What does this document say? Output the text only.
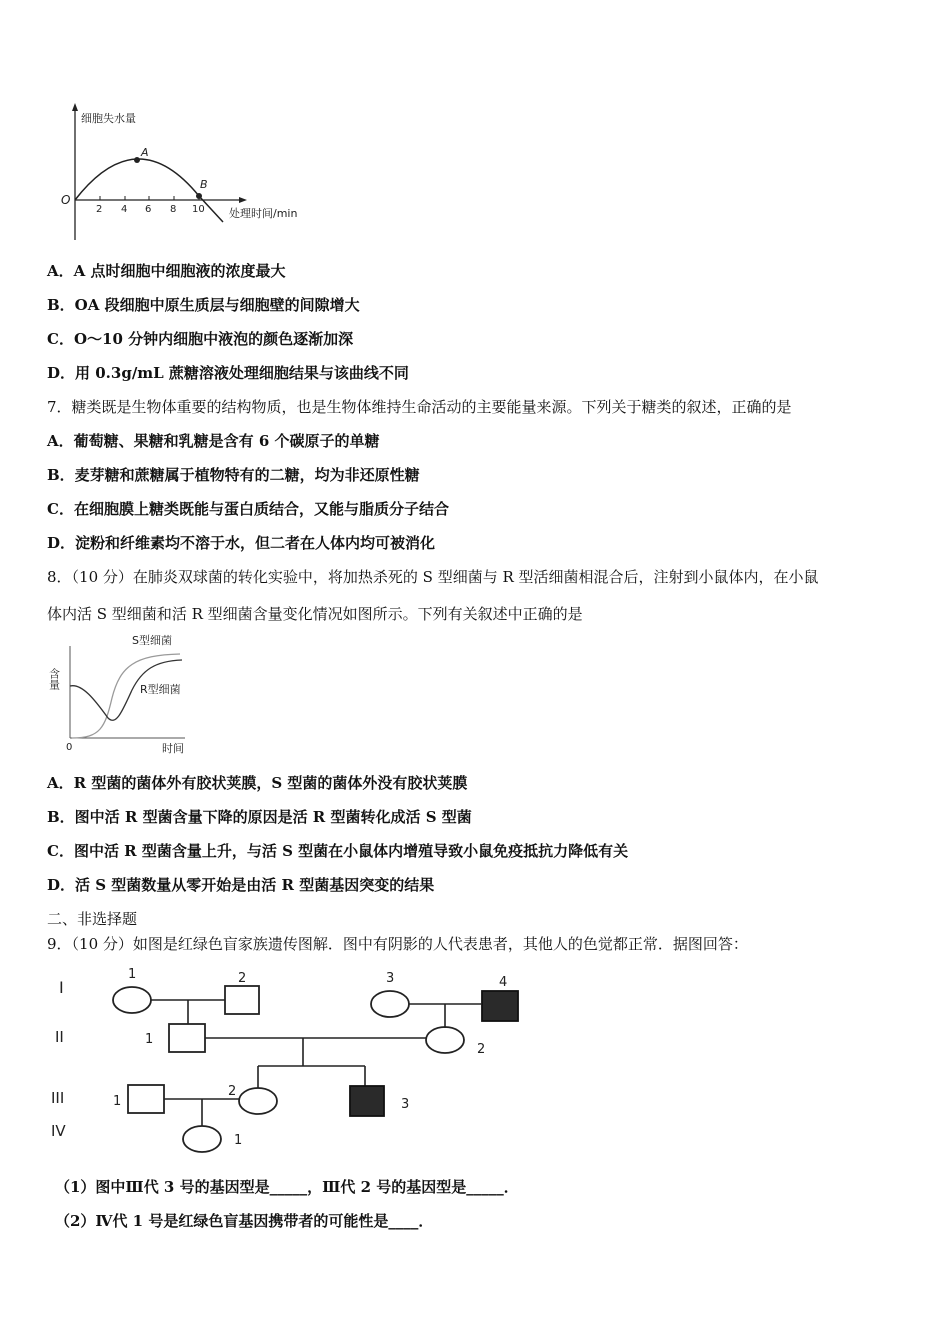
细胞失水量
处理时间/min
O
2 4 6 8 10
A
B
A．A 点时细胞中细胞液的浓度最大
B．OA 段细胞中原生质层与细胞壁的间隙增大
C．O～10 分钟内细胞中液泡的颜色逐渐加深
D．用 0.3g/mL 蔗糖溶液处理细胞结果与该曲线不同
7．糖类既是生物体重要的结构物质，也是生物体维持生命活动的主要能量来源。下列关于糖类的叙述，正确的是
A．葡萄糖、果糖和乳糖是含有 6 个碳原子的单糖
B．麦芽糖和蔗糖属于植物特有的二糖，均为非还原性糖
C．在细胞膜上糖类既能与蛋白质结合，又能与脂质分子结合
D．淀粉和纤维素均不溶于水，但二者在人体内均可被消化
8．（10 分）在肺炎双球菌的转化实验中，将加热杀死的 S 型细菌与 R 型活细菌相混合后，注射到小鼠体内，在小鼠
体内活 S 型细菌和活 R 型细菌含量变化情况如图所示。下列有关叙述中正确的是
含量
时间
0
S型细菌
R型细菌
A．R 型菌的菌体外有胶状荚膜，S 型菌的菌体外没有胶状荚膜
B．图中活 R 型菌含量下降的原因是活 R 型菌转化成活 S 型菌
C．图中活 R 型菌含量上升，与活 S 型菌在小鼠体内增殖导致小鼠免疫抵抗力降低有关
D．活 S 型菌数量从零开始是由活 R 型菌基因突变的结果
二、非选择题
9．（10 分）如图是红绿色盲家族遗传图解．图中有阴影的人代表患者，其他人的色觉都正常．据图回答：
I
II
III
IV
1	2	3	4
1
2
1
2
3
1
（1）图中Ⅲ代 3 号的基因型是_____，Ⅲ代 2 号的基因型是_____．
（2）Ⅳ代 1 号是红绿色盲基因携带者的可能性是____．
